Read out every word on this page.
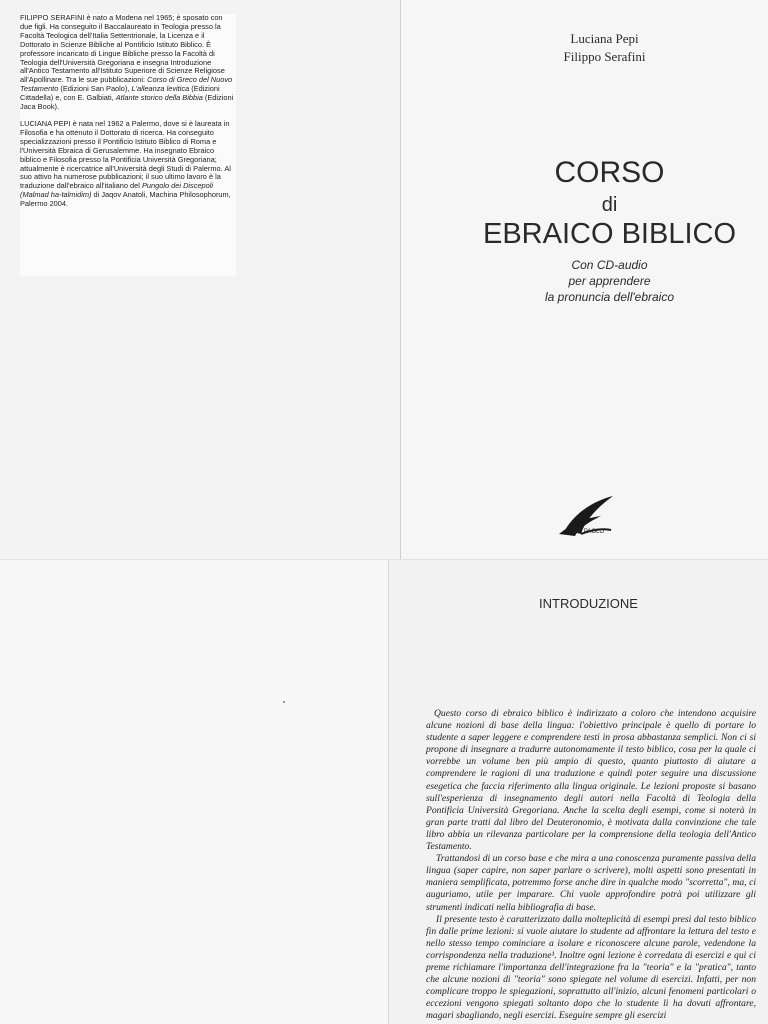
FILIPPO SERAFINI è nato a Modena nel 1965; è sposato con due figli. Ha conseguito il Baccalaureato in Teologia presso la Facoltà Teologica dell'Italia Settentrionale, la Licenza e il Dottorato in Scienze Bibliche al Pontificio Istituto Biblico. È professore incaricato di Lingue Bibliche presso la Facoltà di Teologia dell'Università Gregoriana e insegna Introduzione all'Antico Testamento all'Istituto Superiore di Scienze Religiose all'Apollinare. Tra le sue pubblicazioni: Corso di Greco del Nuovo Testamento (Edizioni San Paolo), L'alleanza levitica (Edizioni Cittadella) e, con E. Galbiati, Atlante storico della Bibbia (Edizioni Jaca Book).

LUCIANA PEPI è nata nel 1962 a Palermo, dove si è laureata in Filosofia e ha ottenuto il Dottorato di ricerca. Ha conseguito specializzazioni presso il Pontificio Istituto Biblico di Roma e l'Università Ebraica di Gerusalemme. Ha insegnato Ebraico biblico e Filosofia presso la Pontificia Università Gregoriana; attualmente è ricercatrice all'Università degli Studi di Palermo. Al suo attivo ha numerose pubblicazioni; il suo ultimo lavoro è la traduzione dall'ebraico all'italiano del Pungolo dei Discepoli (Malmad ha-talmidim) di Jaqov Anatoli, Machina Philosophorum, Palermo 2004.

Luciana Pepi
Filippo Serafini
CORSO
di
EBRAICO BIBLICO
Con CD-audio
per apprendere
la pronuncia dell'ebraico
SAN PAOLO
INTRODUZIONE

Questo corso di ebraico biblico è indirizzato a coloro che intendono acquisire alcune nozioni di base della lingua: l'obiettivo principale è quello di portare lo studente a saper leggere e comprendere testi in prosa abbastanza semplici. Non ci si propone di insegnare a tradurre autonomamente il testo biblico, cosa per la quale ci vorrebbe un volume ben più ampio di questo, quanto piuttosto di aiutare a comprendere le ragioni di una traduzione e quindi poter seguire una discussione esegetica che faccia riferimento alla lingua originale. Le lezioni proposte si basano sull'esperienza di insegnamento degli autori nella Facoltà di Teologia della Pontificia Università Gregoriana. Anche la scelta degli esempi, come si noterà in gran parte tratti dal libro del Deuteronomio, è motivata dalla convinzione che tale libro abbia un rilevanza particolare per la comprensione della teologia dell'Antico Testamento.

Trattandosi di un corso base e che mira a una conoscenza puramente passiva della lingua (saper capire, non saper parlare o scrivere), molti aspetti sono presentati in maniera semplificata, potremmo forse anche dire in qualche modo "scorretta", ma, ci auguriamo, utile per imparare. Chi vuole approfondire potrà poi utilizzare gli strumenti indicati nella bibliografia di base.

Il presente testo è caratterizzato dalla molteplicità di esempi presi dal testo biblico fin dalle prime lezioni: si vuole aiutare lo studente ad affrontare la lettura del testo e nello stesso tempo cominciare a isolare e riconoscere alcune parole, vedendone la corrispondenza nella traduzione¹. Inoltre ogni lezione è corredata di esercizi e qui ci preme richiamare l'importanza dell'integrazione fra la "teoria" e la "pratica", tanto che alcune nozioni di "teoria" sono spiegate nel volume di esercizi. Infatti, per non complicare troppo le spiegazioni, soprattutto all'inizio, alcuni fenomeni particolari o eccezioni vengono spiegati soltanto dopo che lo studente li ha dovuti affrontare, magari sbagliando, negli esercizi. Eseguire sempre gli esercizi
